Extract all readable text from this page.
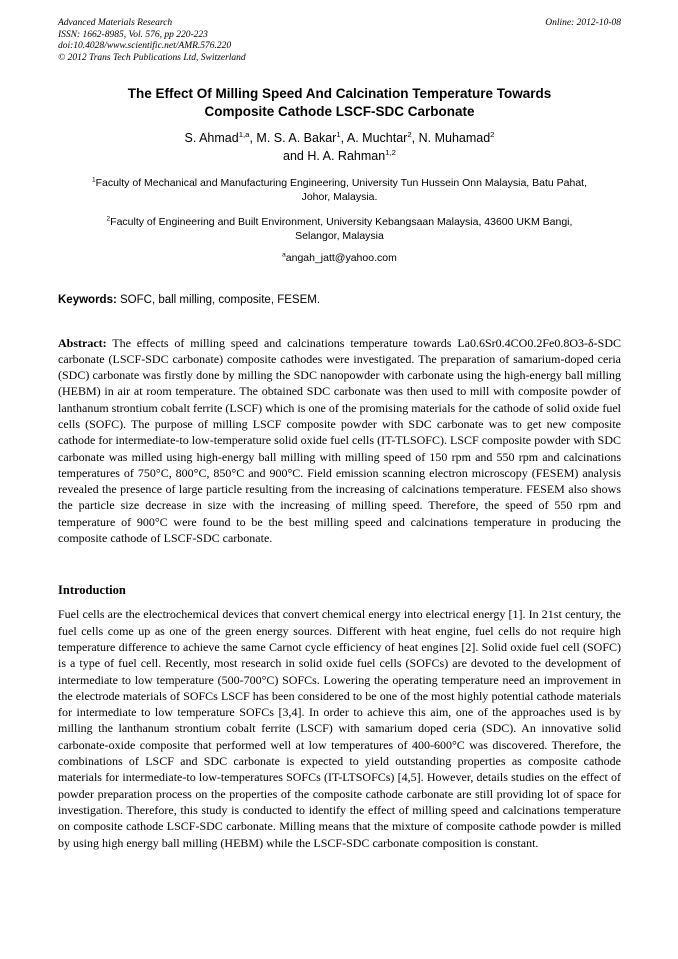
Advanced Materials Research
ISSN: 1662-8985, Vol. 576, pp 220-223
doi:10.4028/www.scientific.net/AMR.576.220
© 2012 Trans Tech Publications Ltd, Switzerland
Online: 2012-10-08
The Effect Of Milling Speed And Calcination Temperature Towards
Composite Cathode LSCF-SDC Carbonate
S. Ahmad$^{1,a}$, M. S. A. Bakar$^1$, A. Muchtar$^2$, N. Muhamad$^2$
and H. A. Rahman$^{1,2}$
$^1$Faculty of Mechanical and Manufacturing Engineering, University Tun Hussein Onn Malaysia, Batu Pahat, Johor, Malaysia.
$^2$Faculty of Engineering and Built Environment, University Kebangsaan Malaysia, 43600 UKM Bangi, Selangor, Malaysia
$^a$angah_jatt@yahoo.com

Keywords: SOFC, ball milling, composite, FESEM.

Abstract: The effects of milling speed and calcinations temperature towards La0.6Sr0.4CO0.2Fe0.8O3-δ-SDC carbonate (LSCF-SDC carbonate) composite cathodes were investigated. The preparation of samarium-doped ceria (SDC) carbonate was firstly done by milling the SDC nanopowder with carbonate using the high-energy ball milling (HEBM) in air at room temperature. The obtained SDC carbonate was then used to mill with composite powder of lanthanum strontium cobalt ferrite (LSCF) which is one of the promising materials for the cathode of solid oxide fuel cells (SOFC). The purpose of milling LSCF composite powder with SDC carbonate was to get new composite cathode for intermediate-to low-temperature solid oxide fuel cells (IT-TLSOFC). LSCF composite powder with SDC carbonate was milled using high-energy ball milling with milling speed of 150 rpm and 550 rpm and calcinations temperatures of 750°C, 800°C, 850°C and 900°C. Field emission scanning electron microscopy (FESEM) analysis revealed the presence of large particle resulting from the increasing of calcinations temperature. FESEM also shows the particle size decrease in size with the increasing of milling speed. Therefore, the speed of 550 rpm and temperature of 900°C were found to be the best milling speed and calcinations temperature in producing the composite cathode of LSCF-SDC carbonate.

Introduction

Fuel cells are the electrochemical devices that convert chemical energy into electrical energy [1]. In 21st century, the fuel cells come up as one of the green energy sources. Different with heat engine, fuel cells do not require high temperature difference to achieve the same Carnot cycle efficiency of heat engines [2]. Solid oxide fuel cell (SOFC) is a type of fuel cell. Recently, most research in solid oxide fuel cells (SOFCs) are devoted to the development of intermediate to low temperature (500-700°C) SOFCs. Lowering the operating temperature need an improvement in the electrode materials of SOFCs LSCF has been considered to be one of the most highly potential cathode materials for intermediate to low temperature SOFCs [3,4]. In order to achieve this aim, one of the approaches used is by milling the lanthanum strontium cobalt ferrite (LSCF) with samarium doped ceria (SDC). An innovative solid carbonate-oxide composite that performed well at low temperatures of 400-600°C was discovered. Therefore, the combinations of LSCF and SDC carbonate is expected to yield outstanding properties as composite cathode materials for intermediate-to low-temperatures SOFCs (IT-LTSOFCs) [4,5]. However, details studies on the effect of powder preparation process on the properties of the composite cathode carbonate are still providing lot of space for investigation. Therefore, this study is conducted to identify the effect of milling speed and calcinations temperature on composite cathode LSCF-SDC carbonate. Milling means that the mixture of composite cathode powder is milled by using high energy ball milling (HEBM) while the LSCF-SDC carbonate composition is constant.
